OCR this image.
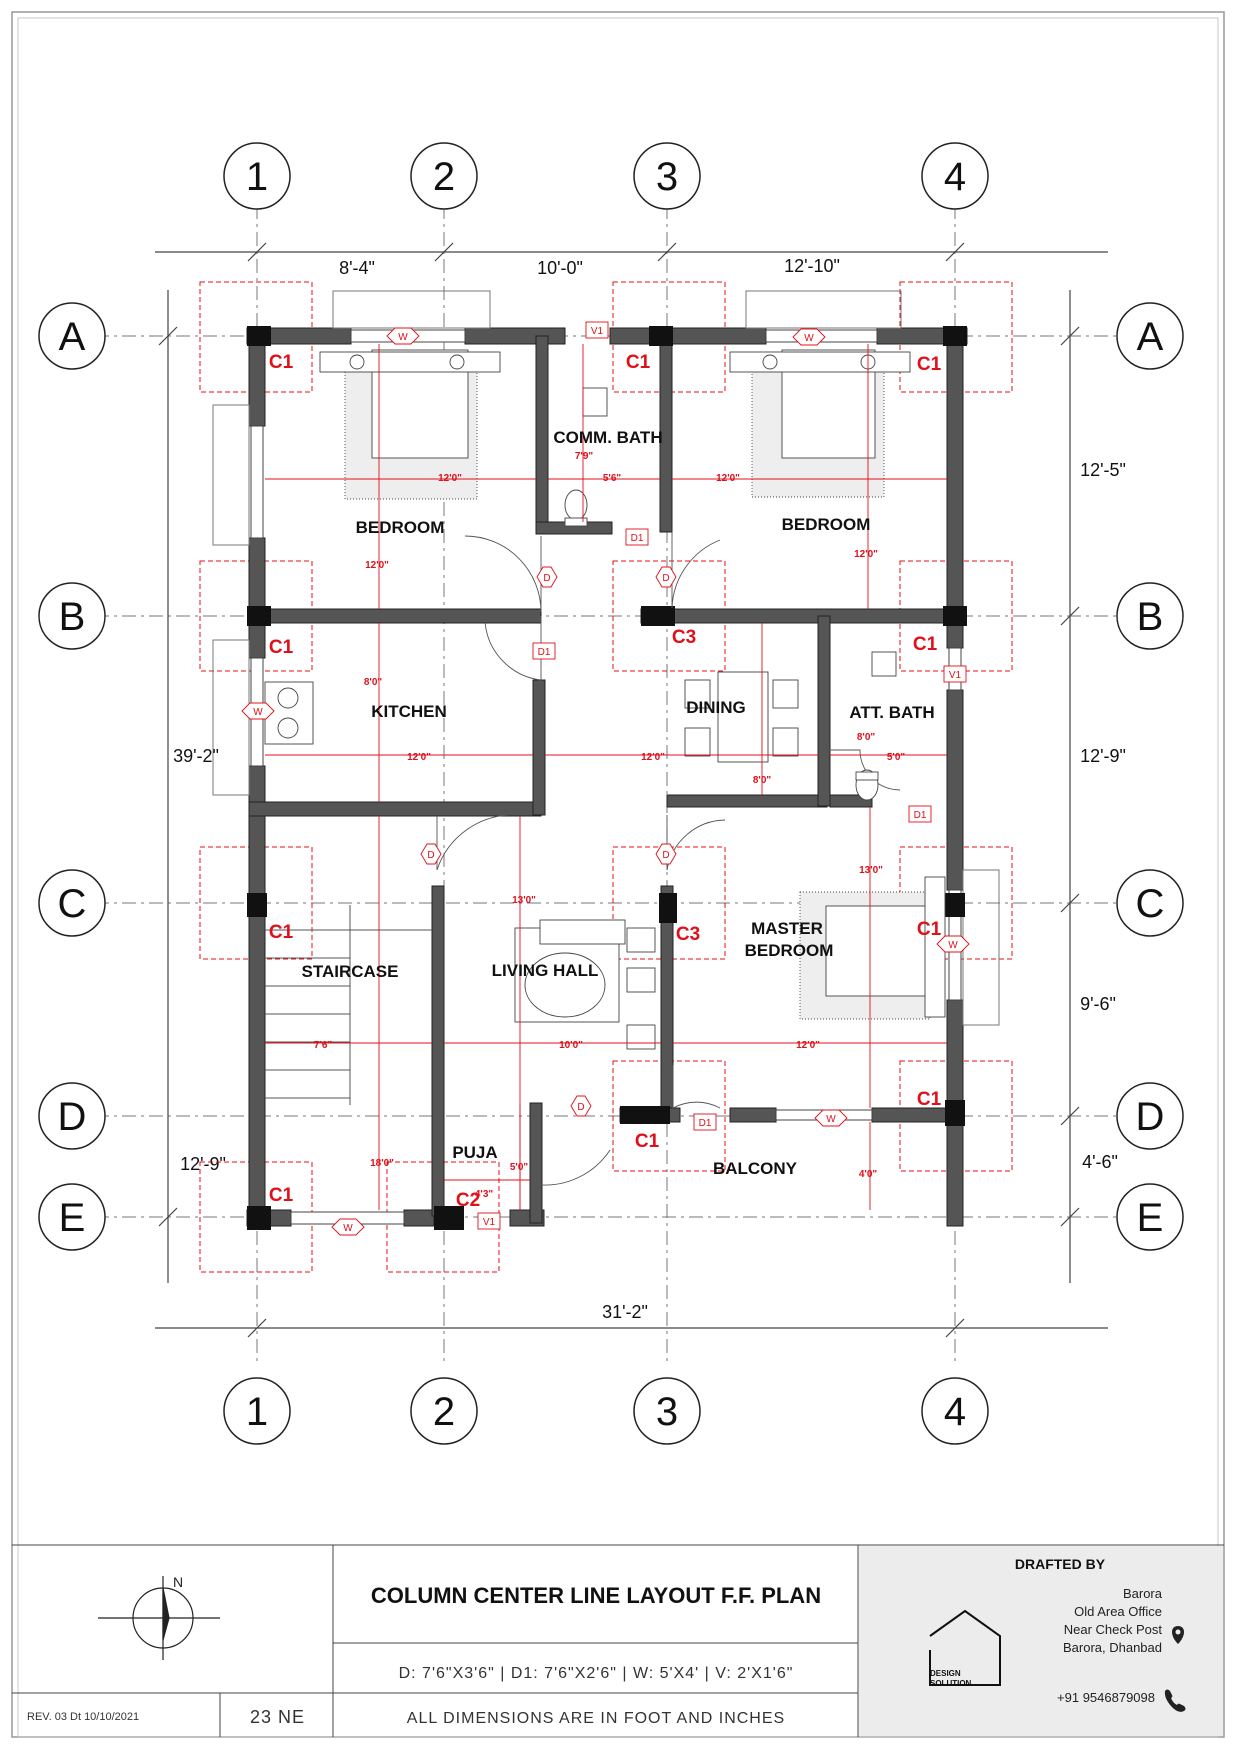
1	2	3	4
1	2	3	4
A
B
C
D
E
A
B
C
D
E
8'-4"	10'-0"	12'-10"
31'-2"
12'-5"
12'-9"
9'-6"
4'-6"
39'-2"
12'-9"
BEDROOM
COMM. BATH
BEDROOM
KITCHEN	DINING	ATT. BATH
STAIRCASE	LIVING HALL
MASTER
BEDROOM
PUJA
BALCONY
C1	C1	C1
C1	C3	C1
C1	C3	C1
C1
C1
C1	C2
12'0"
12'0"
7'9"
5'6"	12'0"
12'0"
8'0"
12'0"	12'0"
8'0"
8'0"
5'0"
13'0"
13'0"
7'6"	10'0"	12'0"
18'0"	5'0"
4'3"
4'0"
W	W
W
W
W
W
V1
V1
V1
D1
D1
D1
D1
D	D
D	D
D
N
COLUMN CENTER LINE LAYOUT F.F. PLAN
D: 7'6"X3'6" | D1: 7'6"X2'6" | W: 5'X4' | V: 2'X1'6"
ALL DIMENSIONS ARE IN FOOT AND INCHES
REV. 03 Dt 10/10/2021	23 NE
DRAFTED BY
DESIGN
SOLUTION
Barora
Old Area Office
Near Check Post
Barora, Dhanbad
+91 9546879098
